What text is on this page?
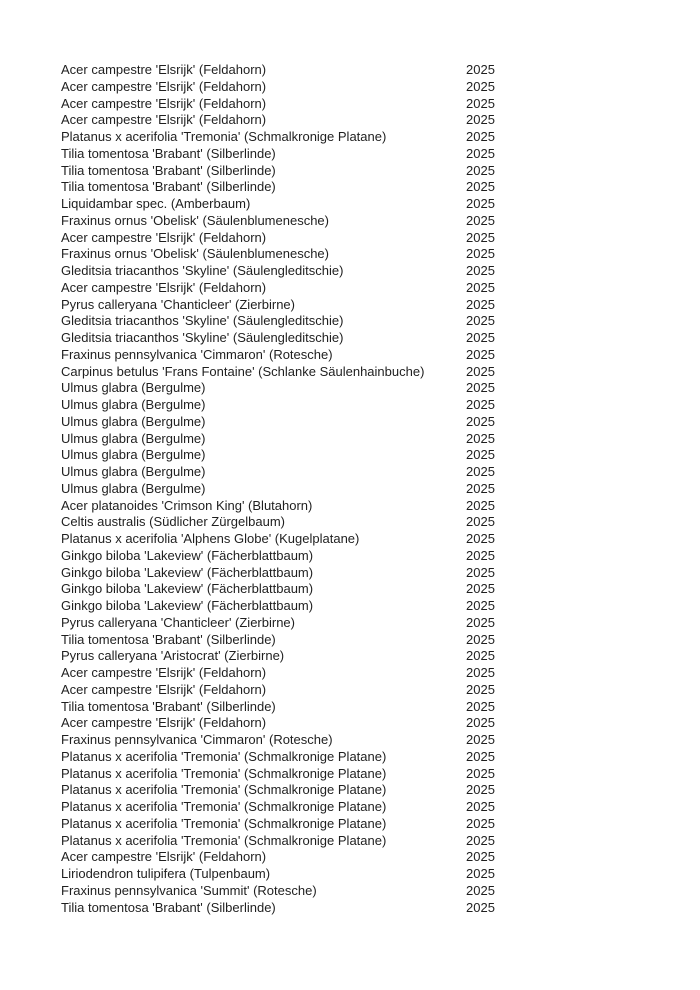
Acer campestre 'Elsrijk' (Feldahorn)	2025
Acer campestre 'Elsrijk' (Feldahorn)	2025
Acer campestre 'Elsrijk' (Feldahorn)	2025
Acer campestre 'Elsrijk' (Feldahorn)	2025
Platanus x acerifolia 'Tremonia' (Schmalkronige Platane)	2025
Tilia tomentosa 'Brabant' (Silberlinde)	2025
Tilia tomentosa 'Brabant' (Silberlinde)	2025
Tilia tomentosa 'Brabant' (Silberlinde)	2025
Liquidambar spec. (Amberbaum)	2025
Fraxinus ornus 'Obelisk' (Säulenblumenesche)	2025
Acer campestre 'Elsrijk' (Feldahorn)	2025
Fraxinus ornus 'Obelisk' (Säulenblumenesche)	2025
Gleditsia triacanthos 'Skyline' (Säulengleditschie)	2025
Acer campestre 'Elsrijk' (Feldahorn)	2025
Pyrus calleryana 'Chanticleer' (Zierbirne)	2025
Gleditsia triacanthos 'Skyline' (Säulengleditschie)	2025
Gleditsia triacanthos 'Skyline' (Säulengleditschie)	2025
Fraxinus pennsylvanica 'Cimmaron' (Rotesche)	2025
Carpinus betulus 'Frans Fontaine' (Schlanke Säulenhainbuche)	2025
Ulmus glabra (Bergulme)	2025
Ulmus glabra (Bergulme)	2025
Ulmus glabra (Bergulme)	2025
Ulmus glabra (Bergulme)	2025
Ulmus glabra (Bergulme)	2025
Ulmus glabra (Bergulme)	2025
Ulmus glabra (Bergulme)	2025
Acer platanoides 'Crimson King' (Blutahorn)	2025
Celtis australis (Südlicher Zürgelbaum)	2025
Platanus x acerifolia 'Alphens Globe' (Kugelplatane)	2025
Ginkgo biloba 'Lakeview' (Fächerblattbaum)	2025
Ginkgo biloba 'Lakeview' (Fächerblattbaum)	2025
Ginkgo biloba 'Lakeview' (Fächerblattbaum)	2025
Ginkgo biloba 'Lakeview' (Fächerblattbaum)	2025
Pyrus calleryana 'Chanticleer' (Zierbirne)	2025
Tilia tomentosa 'Brabant' (Silberlinde)	2025
Pyrus calleryana 'Aristocrat' (Zierbirne)	2025
Acer campestre 'Elsrijk' (Feldahorn)	2025
Acer campestre 'Elsrijk' (Feldahorn)	2025
Tilia tomentosa 'Brabant' (Silberlinde)	2025
Acer campestre 'Elsrijk' (Feldahorn)	2025
Fraxinus pennsylvanica 'Cimmaron' (Rotesche)	2025
Platanus x acerifolia 'Tremonia' (Schmalkronige Platane)	2025
Platanus x acerifolia 'Tremonia' (Schmalkronige Platane)	2025
Platanus x acerifolia 'Tremonia' (Schmalkronige Platane)	2025
Platanus x acerifolia 'Tremonia' (Schmalkronige Platane)	2025
Platanus x acerifolia 'Tremonia' (Schmalkronige Platane)	2025
Platanus x acerifolia 'Tremonia' (Schmalkronige Platane)	2025
Acer campestre 'Elsrijk' (Feldahorn)	2025
Liriodendron tulipifera (Tulpenbaum)	2025
Fraxinus pennsylvanica 'Summit' (Rotesche)	2025
Tilia tomentosa 'Brabant' (Silberlinde)	2025
